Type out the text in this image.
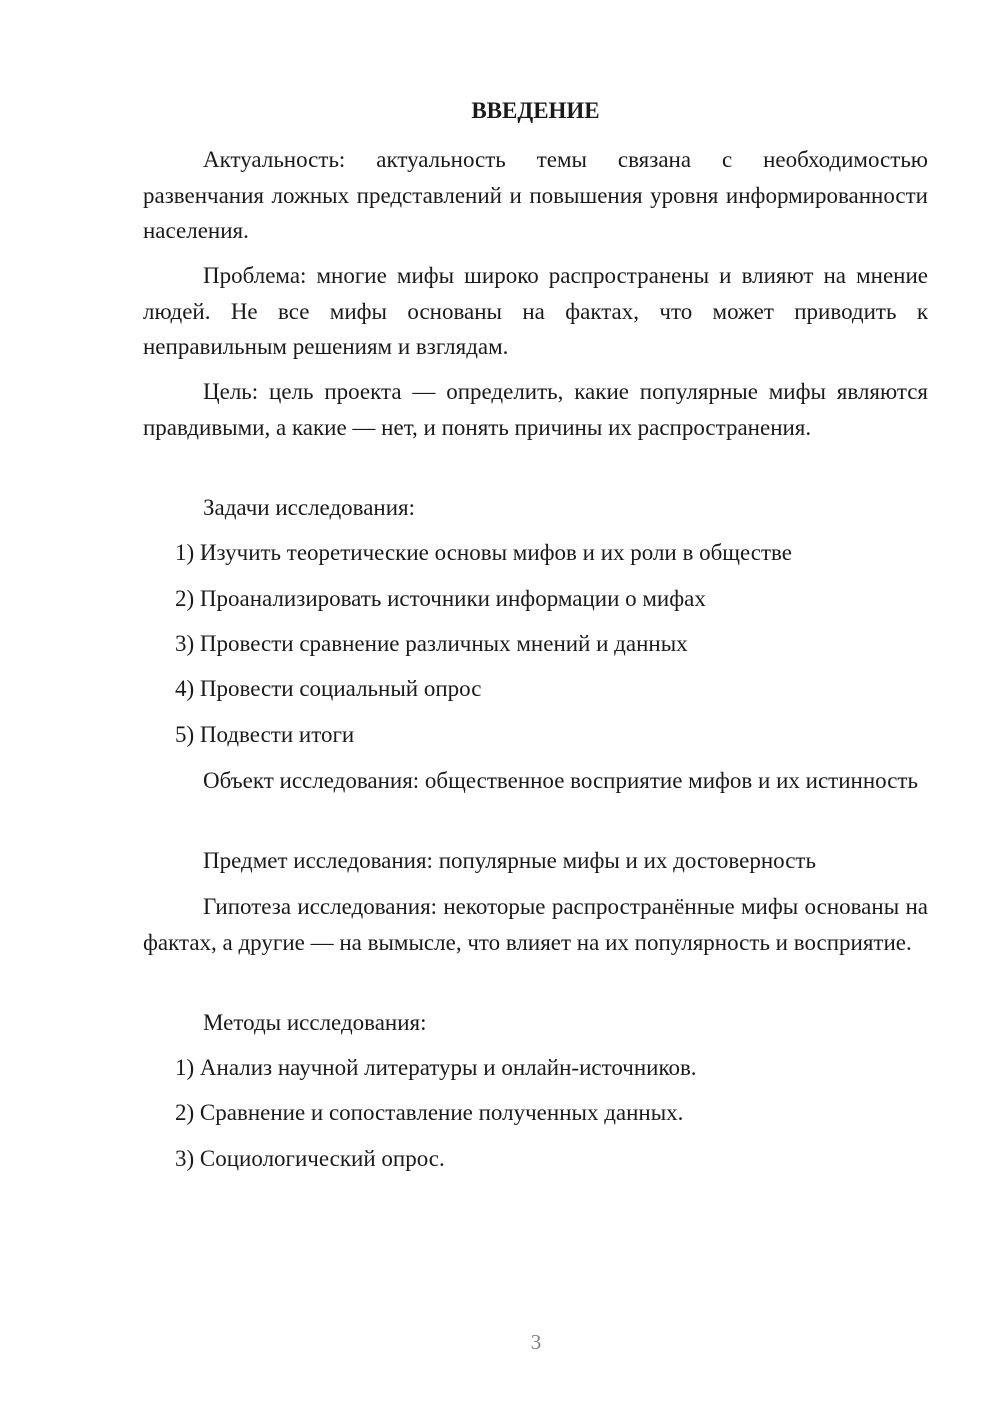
ВВЕДЕНИЕ

Актуальность: актуальность темы связана с необходимостью развенчания ложных представлений и повышения уровня информированности населения.

Проблема: многие мифы широко распространены и влияют на мнение людей. Не все мифы основаны на фактах, что может приводить к неправильным решениям и взглядам.

Цель: цель проекта — определить, какие популярные мифы являются правдивыми, а какие — нет, и понять причины их распространения.

Задачи исследования:

1) Изучить теоретические основы мифов и их роли в обществе

2) Проанализировать источники информации о мифах

3) Провести сравнение различных мнений и данных

4) Провести социальный опрос

5) Подвести итоги

Объект исследования: общественное восприятие мифов и их истинность

Предмет исследования: популярные мифы и их достоверность

Гипотеза исследования: некоторые распространённые мифы основаны на фактах, а другие — на вымысле, что влияет на их популярность и восприятие.

Методы исследования:

1) Анализ научной литературы и онлайн-источников.

2) Сравнение и сопоставление полученных данных.

3) Социологический опрос.

3
